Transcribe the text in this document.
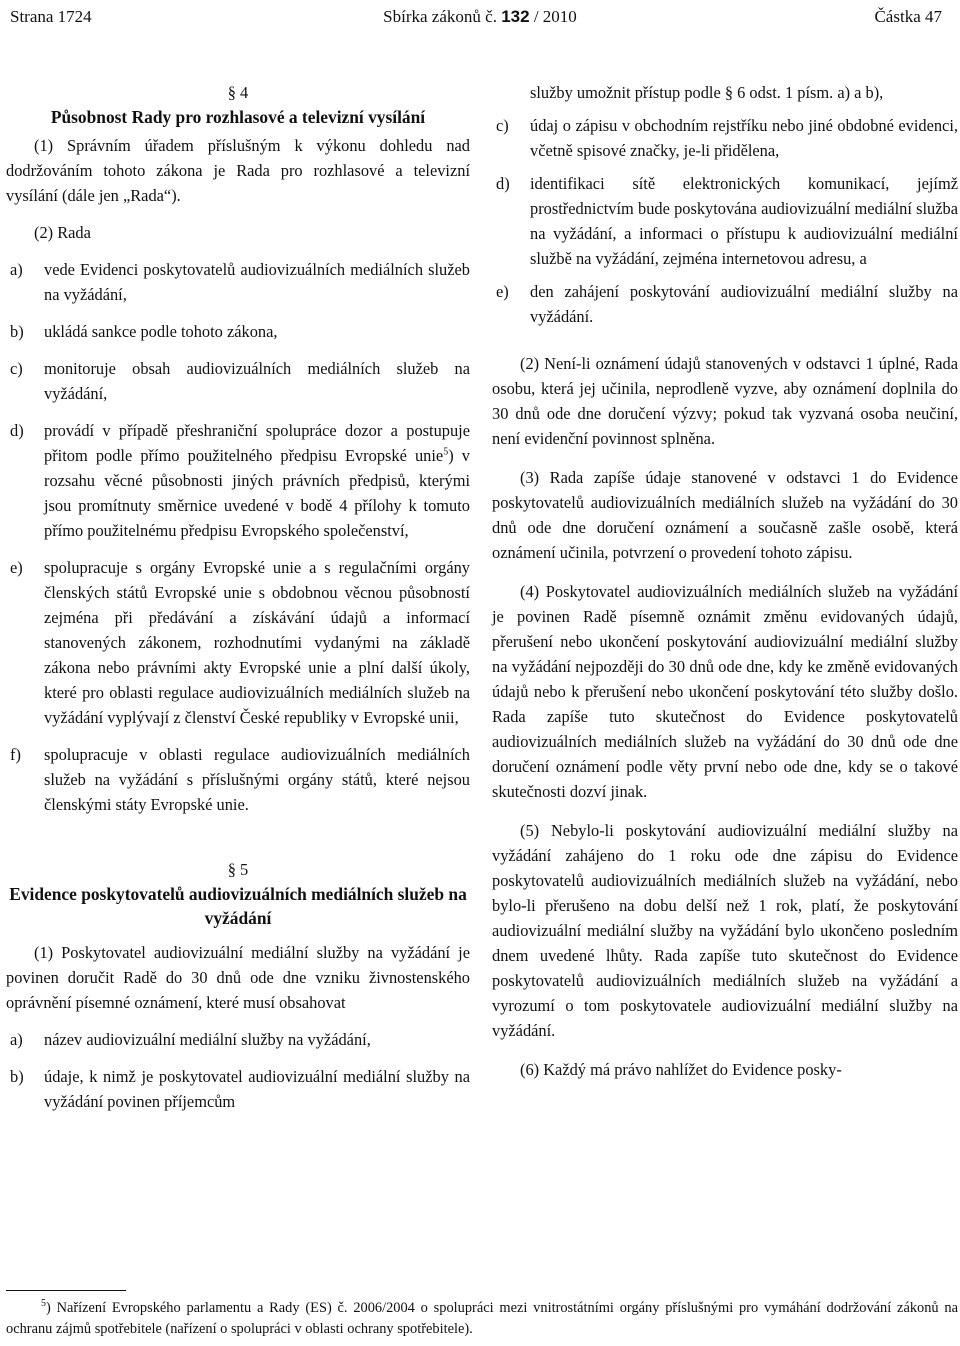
Strana 1724	Sbírka zákonů č. 132 / 2010	Částka 47

§ 4

Působnost Rady pro rozhlasové a televizní vysílání

(1) Správním úřadem příslušným k výkonu dohledu nad dodržováním tohoto zákona je Rada pro rozhlasové a televizní vysílání (dále jen „Rada“).

(2) Rada

a) vede Evidenci poskytovatelů audiovizuálních mediálních služeb na vyžádání,
b) ukládá sankce podle tohoto zákona,
c) monitoruje obsah audiovizuálních mediálních služeb na vyžádání,
d) provádí v případě přeshraniční spolupráce dozor a postupuje přitom podle přímo použitelného předpisu Evropské unie$^5$) v rozsahu věcné působnosti jiných právních předpisů, kterými jsou promítnuty směrnice uvedené v bodě 4 přílohy k tomuto přímo použitelnému předpisu Evropského společenství,
e) spolupracuje s orgány Evropské unie a s regulačními orgány členských států Evropské unie s obdobnou věcnou působností zejména při předávání a získávání údajů a informací stanovených zákonem, rozhodnutími vydanými na základě zákona nebo právními akty Evropské unie a plní další úkoly, které pro oblasti regulace audiovizuálních mediálních služeb na vyžádání vyplývají z členství České republiky v Evropské unii,
f) spolupracuje v oblasti regulace audiovizuálních mediálních služeb na vyžádání s příslušnými orgány států, které nejsou členskými státy Evropské unie.

§ 5

Evidence poskytovatelů audiovizuálních mediálních služeb na vyžádání

(1) Poskytovatel audiovizuální mediální služby na vyžádání je povinen doručit Radě do 30 dnů ode dne vzniku živnostenského oprávnění písemné oznámení, které musí obsahovat

a) název audiovizuální mediální služby na vyžádání,
b) údaje, k nimž je poskytovatel audiovizuální mediální služby na vyžádání povinen příjemcům

služby umožnit přístup podle § 6 odst. 1 písm. a) a b),

c) údaj o zápisu v obchodním rejstříku nebo jiné obdobné evidenci, včetně spisové značky, je-li přidělena,
d) identifikaci sítě elektronických komunikací, jejímž prostřednictvím bude poskytována audiovizuální mediální služba na vyžádání, a informaci o přístupu k audiovizuální mediální službě na vyžádání, zejména internetovou adresu, a
e) den zahájení poskytování audiovizuální mediální služby na vyžádání.

(2) Není-li oznámení údajů stanovených v odstavci 1 úplné, Rada osobu, která jej učinila, neprodleně vyzve, aby oznámení doplnila do 30 dnů ode dne doručení výzvy; pokud tak vyzvaná osoba neučiní, není evidenční povinnost splněna.

(3) Rada zapíše údaje stanovené v odstavci 1 do Evidence poskytovatelů audiovizuálních mediálních služeb na vyžádání do 30 dnů ode dne doručení oznámení a současně zašle osobě, která oznámení učinila, potvrzení o provedení tohoto zápisu.

(4) Poskytovatel audiovizuálních mediálních služeb na vyžádání je povinen Radě písemně oznámit změnu evidovaných údajů, přerušení nebo ukončení poskytování audiovizuální mediální služby na vyžádání nejpozději do 30 dnů ode dne, kdy ke změně evidovaných údajů nebo k přerušení nebo ukončení poskytování této služby došlo. Rada zapíše tuto skutečnost do Evidence poskytovatelů audiovizuálních mediálních služeb na vyžádání do 30 dnů ode dne doručení oznámení podle věty první nebo ode dne, kdy se o takové skutečnosti dozví jinak.

(5) Nebylo-li poskytování audiovizuální mediální služby na vyžádání zahájeno do 1 roku ode dne zápisu do Evidence poskytovatelů audiovizuálních mediálních služeb na vyžádání, nebo bylo-li přerušeno na dobu delší než 1 rok, platí, že poskytování audiovizuální mediální služby na vyžádání bylo ukončeno posledním dnem uvedené lhůty. Rada zapíše tuto skutečnost do Evidence poskytovatelů audiovizuálních mediálních služeb na vyžádání a vyrozumí o tom poskytovatele audiovizuální mediální služby na vyžádání.

(6) Každý má právo nahlížet do Evidence posky-

$^5$) Nařízení Evropského parlamentu a Rady (ES) č. 2006/2004 o spolupráci mezi vnitrostátními orgány příslušnými pro vymáhání dodržování zákonů na ochranu zájmů spotřebitele (nařízení o spolupráci v oblasti ochrany spotřebitele).
